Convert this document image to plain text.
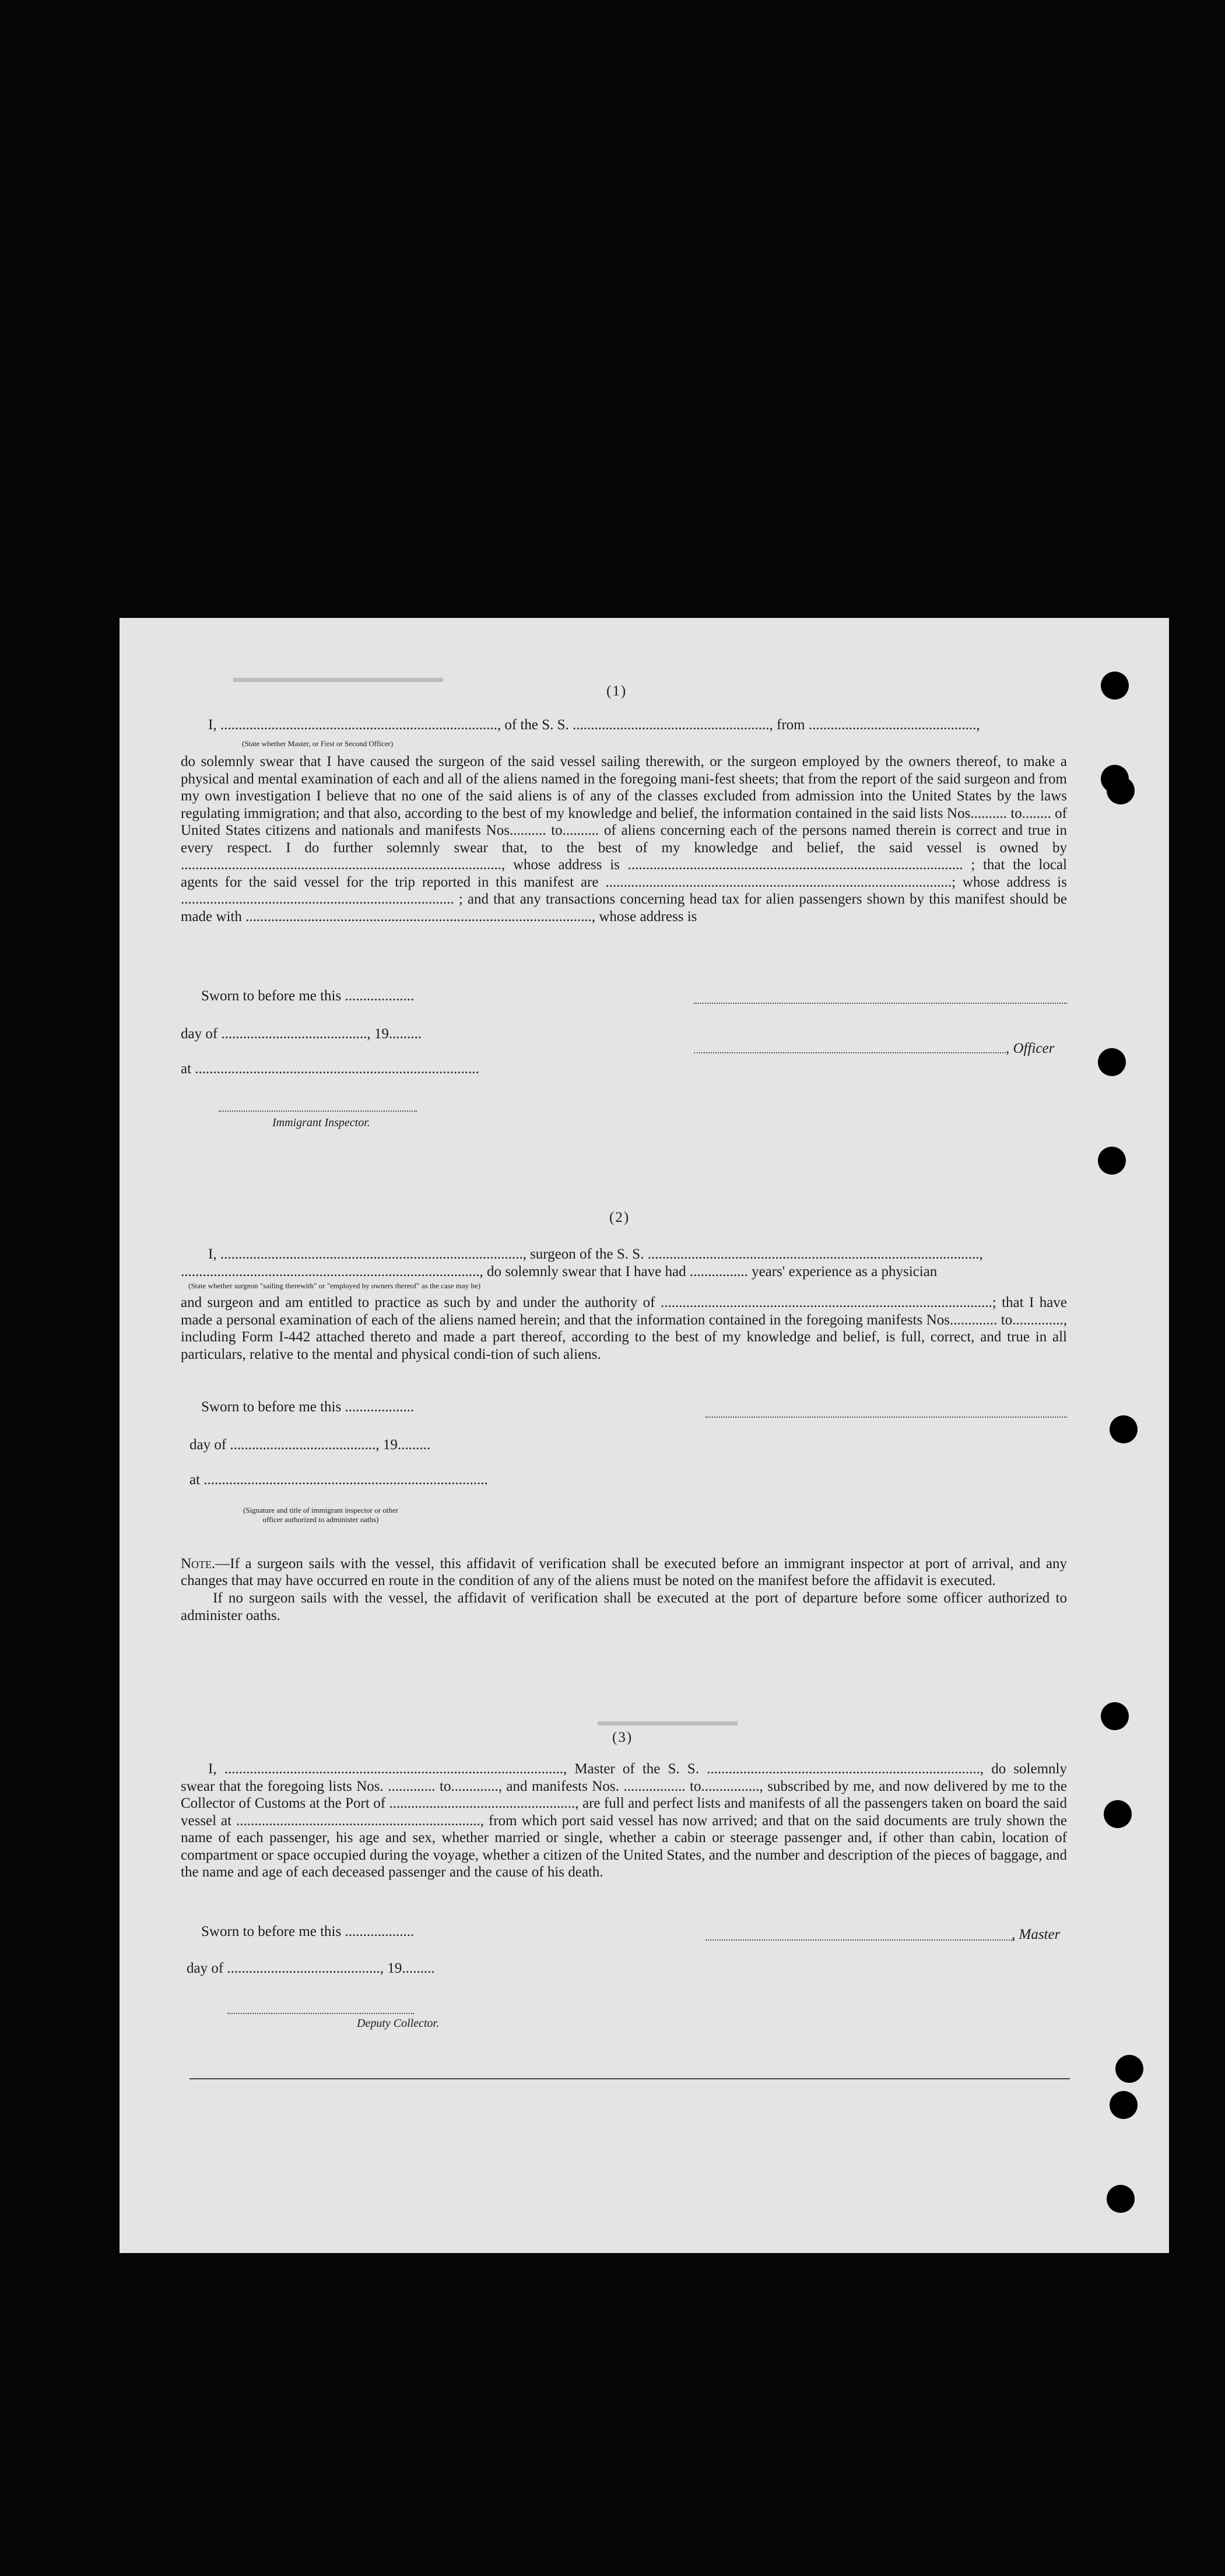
▬▬▬▬▬▬▬▬▬▬▬▬▬▬▬
▬▬▬▬▬▬▬▬▬▬
(1)
I, ............................................................................, of the S. S. ......................................................, from ..............................................,
(State whether Master, or First or Second Officer)
do solemnly swear that I have caused the surgeon of the said vessel sailing therewith, or the surgeon employed by the owners thereof, to make a physical and mental examination of each and all of the aliens named in the foregoing mani-fest sheets; that from the report of the said surgeon and from my own investigation I believe that no one of the said aliens is of any of the classes excluded from admission into the United States by the laws regulating immigration; and that also, according to the best of my knowledge and belief, the information contained in the said lists Nos.......... to........ of United States citizens and nationals and manifests Nos.......... to.......... of aliens concerning each of the persons named therein is correct and true in every respect. I do further solemnly swear that, to the best of my knowledge and belief, the said vessel is owned by ........................................................................................, whose address is ............................................................................................ ; that the local agents for the said vessel for the trip reported in this manifest are ...............................................................................................; whose address is ........................................................................... ; and that any transactions concerning head tax for alien passengers shown by this manifest should be made with ..............................................................................................., whose address is
Sworn to before me this ...................
day of ........................................, 19.........
, Officer
at ..............................................................................
Immigrant Inspector.
(2)
I, ..................................................................................., surgeon of the S. S. ...........................................................................................,
.................................................................................., do solemnly swear that I have had ................ years' experience as a physician
(State whether surgeon "sailing therewith" or "employed by owners thereof" as the case may be)
and surgeon and am entitled to practice as such by and under the authority of ...........................................................................................; that I have made a personal examination of each of the aliens named herein; and that the information contained in the foregoing manifests Nos............. to.............., including Form I-442 attached thereto and made a part thereof, according to the best of my knowledge and belief, is full, correct, and true in all particulars, relative to the mental and physical condi-tion of such aliens.
Sworn to before me this ...................
day of ........................................, 19.........
at ..............................................................................
(Signature and title of immigrant inspector or other officer authorized to administer oaths)

Note.—If a surgeon sails with the vessel, this affidavit of verification shall be executed before an immigrant inspector at port of arrival, and any changes that may have occurred en route in the condition of any of the aliens must be noted on the manifest before the affidavit is executed.

If no surgeon sails with the vessel, the affidavit of verification shall be executed at the port of departure before some officer authorized to administer oaths.
(3)
I, ............................................................................................., Master of the S. S. ..........................................................................., do solemnly swear that the foregoing lists Nos. ............. to............., and manifests Nos. ................. to................, subscribed by me, and now delivered by me to the Collector of Customs at the Port of ..................................................., are full and perfect lists and manifests of all the passengers taken on board the said vessel at ..................................................................., from which port said vessel has now arrived; and that on the said documents are truly shown the name of each passenger, his age and sex, whether married or single, whether a cabin or steerage passenger and, if other than cabin, location of compartment or space occupied during the voyage, whether a citizen of the United States, and the number and description of the pieces of baggage, and the name and age of each deceased passenger and the cause of his death.
Sworn to before me this ...................	, Master
day of .........................................., 19.........
Deputy Collector.
